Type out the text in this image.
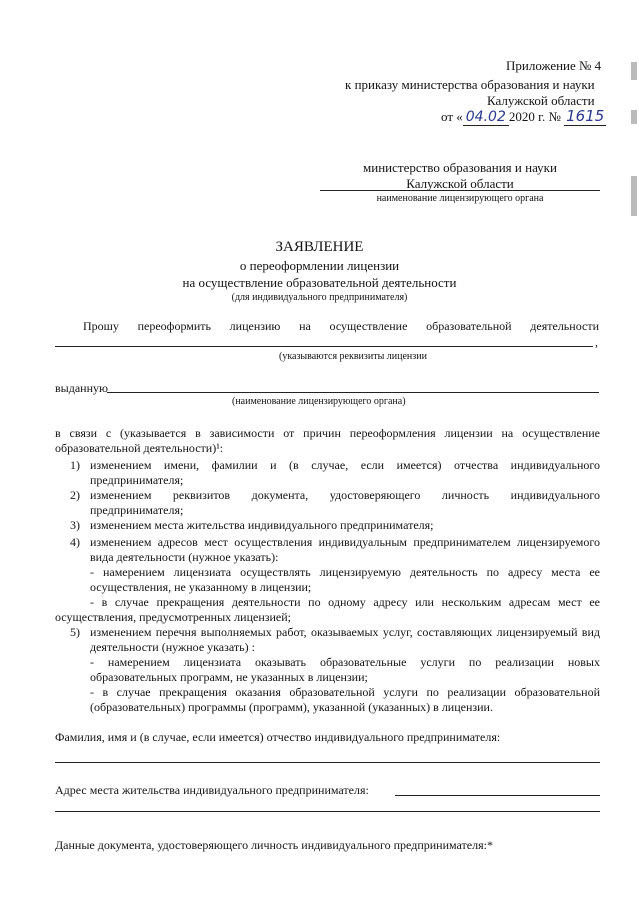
Приложение № 4
к приказу министерства образования и науки
Калужской области
от « 04.02 2020 г. № 1615
министерство образования и науки
Калужской области
наименование лицензирующего органа
ЗАЯВЛЕНИЕ
о переоформлении лицензии
на осуществление образовательной деятельности
(для индивидуального предпринимателя)
Прошу переоформить лицензию на осуществление образовательной деятельности
,
(указываются реквизиты лицензии
выданную
(наименование лицензирующего органа)
в связи с (указывается в зависимости от причин переоформления лицензии на осуществление образовательной деятельности)¹:
1) изменением имени, фамилии и (в случае, если имеется) отчества индивидуального предпринимателя;
2) изменением реквизитов документа, удостоверяющего личность индивидуального предпринимателя;
3) изменением места жительства индивидуального предпринимателя;
4) изменением адресов мест осуществления индивидуальным предпринимателем лицензируемого вида деятельности (нужное указать):
- намерением лицензиата осуществлять лицензируемую деятельность по адресу места ее осуществления, не указанному в лицензии;
- в случае прекращения деятельности по одному адресу или нескольким адресам мест ее осуществления, предусмотренных лицензией;
5) изменением перечня выполняемых работ, оказываемых услуг, составляющих лицензируемый вид деятельности (нужное указать) :
- намерением лицензиата оказывать образовательные услуги по реализации новых образовательных программ, не указанных в лицензии;
- в случае прекращения оказания образовательной услуги по реализации образовательной (образовательных) программы (программ), указанной (указанных) в лицензии.
Фамилия, имя и (в случае, если имеется) отчество индивидуального предпринимателя:
Адрес места жительства индивидуального предпринимателя:
Данные документа, удостоверяющего личность индивидуального предпринимателя:*
